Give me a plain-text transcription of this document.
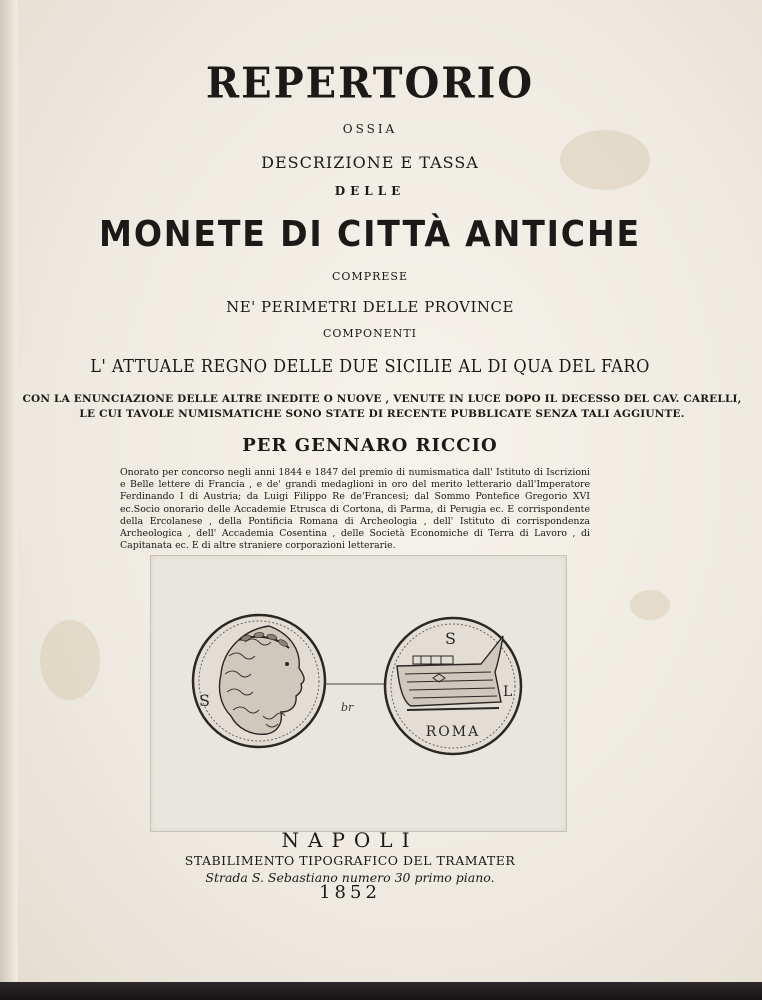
REPERTORIO
OSSIA
DESCRIZIONE E TASSA
DELLE
MONETE DI CITTÀ ANTICHE
COMPRESE
NE' PERIMETRI DELLE PROVINCE
COMPONENTI
L' ATTUALE REGNO DELLE DUE SICILIE AL DI QUA DEL FARO
CON LA ENUNCIAZIONE DELLE ALTRE INEDITE O NUOVE , VENUTE IN LUCE DOPO IL DECESSO DEL CAV. CARELLI,
LE CUI TAVOLE NUMISMATICHE SONO STATE DI RECENTE PUBBLICATE SENZA TALI AGGIUNTE.
PER GENNARO RICCIO
Onorato per concorso negli anni 1844 e 1847 del premio di numismatica dall' Istituto di Iscrizioni e Belle lettere di Francia , e de' grandi medaglioni in oro del merito letterario dall'Imperatore Ferdinando I di Austria; da Luigi Filippo Re de'Francesi; dal Sommo Pontefice Gregorio XVI ec.Socio onorario delle Accademie Etrusca di Cortona, di Parma, di Perugia ec. E corrispondente della Ercolanese , della Pontificia Romana di Archeologia , dell' Istituto di corrispondenza Archeologica , dell' Accademia Cosentina , delle Società Economiche di Terra di Lavoro , di Capitanata ec. E di altre straniere corporazioni letterarie.
S	br
S
L
ROMA
NAPOLI
STABILIMENTO TIPOGRAFICO DEL TRAMATER
Strada S. Sebastiano numero 30 primo piano.
1852
